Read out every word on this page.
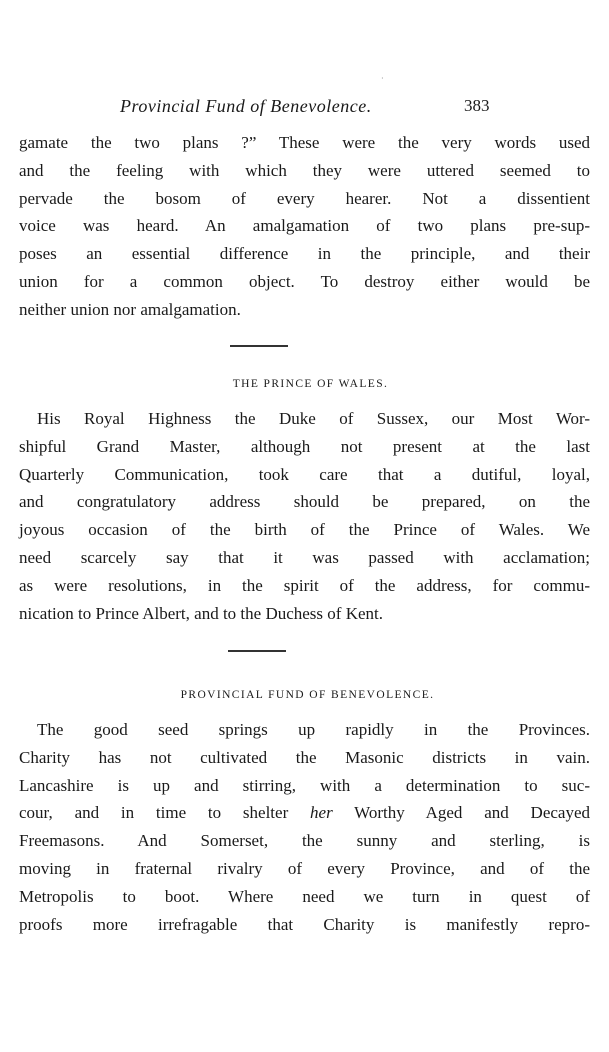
·
Provincial Fund of Benevolence.	383
gamate the two plans ?” These were the very words used
and the feeling with which they were uttered seemed to
pervade the bosom of every hearer. Not a dissentient
voice was heard. An amalgamation of two plans pre-sup-
poses an essential difference in the principle, and their
union for a common object. To destroy either would be
neither union nor amalgamation.
THE PRINCE OF WALES.
His Royal Highness the Duke of Sussex, our Most Wor-
shipful Grand Master, although not present at the last
Quarterly Communication, took care that a dutiful, loyal,
and congratulatory address should be prepared, on the
joyous occasion of the birth of the Prince of Wales. We
need scarcely say that it was passed with acclamation;
as were resolutions, in the spirit of the address, for commu-
nication to Prince Albert, and to the Duchess of Kent.
PROVINCIAL FUND OF BENEVOLENCE.
The good seed springs up rapidly in the Provinces.
Charity has not cultivated the Masonic districts in vain.
Lancashire is up and stirring, with a determination to suc-
cour, and in time to shelter her Worthy Aged and Decayed
Freemasons. And Somerset, the sunny and sterling, is
moving in fraternal rivalry of every Province, and of the
Metropolis to boot. Where need we turn in quest of
proofs more irrefragable that Charity is manifestly repro-
